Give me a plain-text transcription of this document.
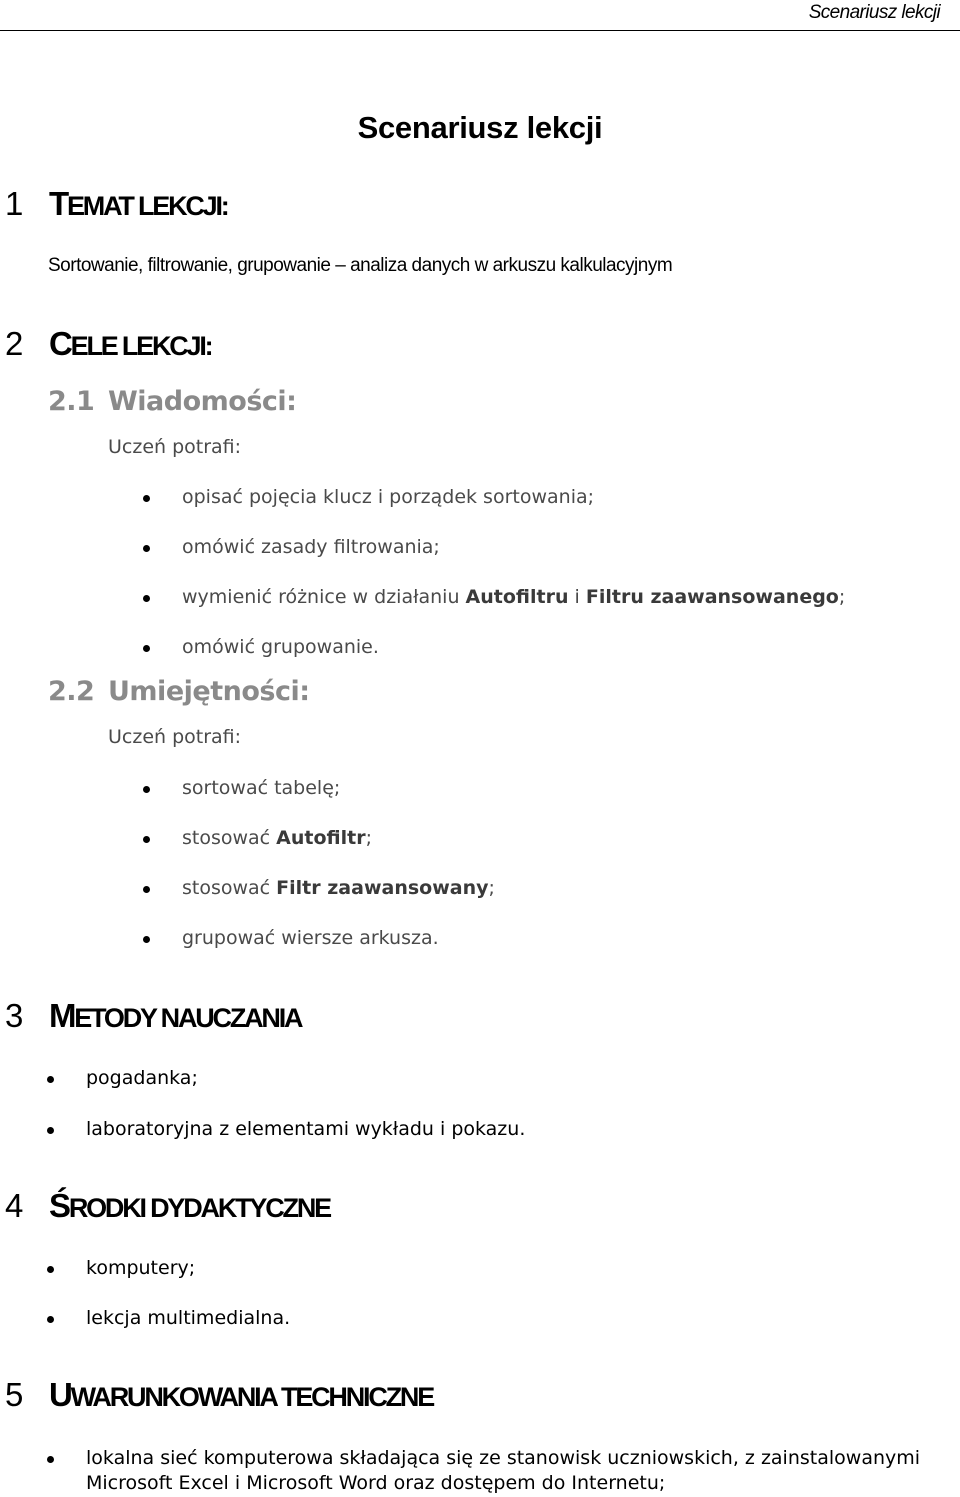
Scenariusz lekcji
Scenariusz lekcji
1 TEMAT LEKCJI:

Sortowanie, filtrowanie, grupowanie – analiza danych w arkuszu kalkulacyjnym

2 CELE LEKCJI:
2.1 Wiadomości:

Uczeń potrafi:

opisać pojęcia klucz i porządek sortowania;

omówić zasady filtrowania;

wymienić różnice w działaniu Autofiltru i Filtru zaawansowanego;

omówić grupowanie.

2.2 Umiejętności:

Uczeń potrafi:

sortować tabelę;

stosować Autofiltr;

stosować Filtr zaawansowany;

grupować wiersze arkusza.

3 METODY NAUCZANIA

pogadanka;

laboratoryjna z elementami wykładu i pokazu.

4 ŚRODKI DYDAKTYCZNE

komputery;

lekcja multimedialna.

5 UWARUNKOWANIA TECHNICZNE

lokalna sieć komputerowa składająca się ze stanowisk uczniowskich, z zainstalowanymi

Microsoft Excel i Microsoft Word oraz dostępem do Internetu;
